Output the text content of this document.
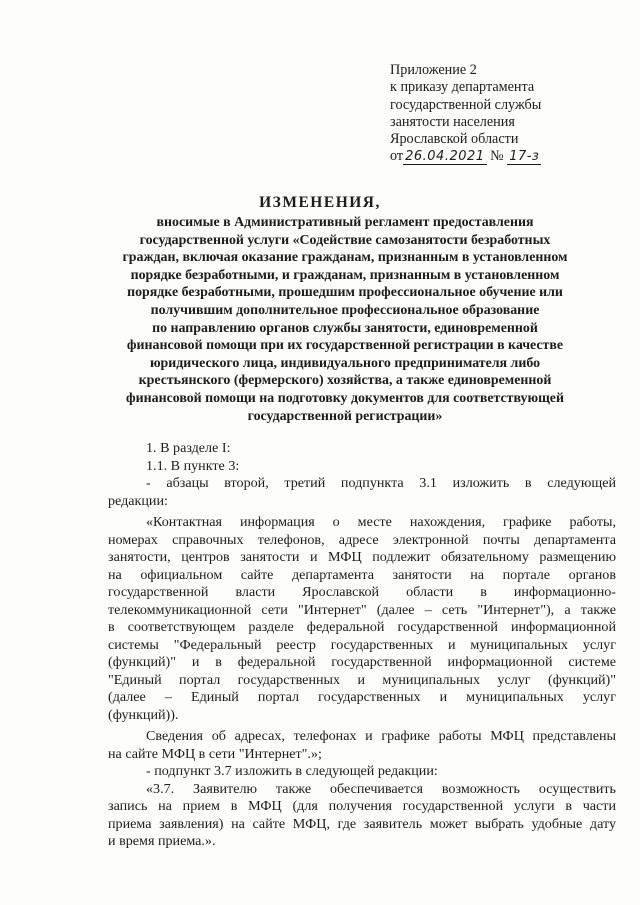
Приложение 2
к приказу департамента
государственной службы
занятости населения
Ярославской области
от 26.04.2021 № 17-з
ИЗМЕНЕНИЯ,
вносимые в Административный регламент предоставления
государственной услуги «Содействие самозанятости безработных
граждан, включая оказание гражданам, признанным в установленном
порядке безработными, и гражданам, признанным в установленном
порядке безработными, прошедшим профессиональное обучение или
получившим дополнительное профессиональное образование
по направлению органов службы занятости, единовременной
финансовой помощи при их государственной регистрации в качестве
юридического лица, индивидуального предпринимателя либо
крестьянского (фермерского) хозяйства, а также единовременной
финансовой помощи на подготовку документов для соответствующей
государственной регистрации»
1. В разделе I:
1.1. В пункте 3:
- абзацы второй, третий подпункта 3.1 изложить в следующей
редакции:
«Контактная информация о месте нахождения, графике работы,
номерах справочных телефонов, адресе электронной почты департамента
занятости, центров занятости и МФЦ подлежит обязательному размещению
на официальном сайте департамента занятости на портале органов
государственной власти Ярославской области в информационно-
телекоммуникационной сети "Интернет" (далее – сеть "Интернет"), а также
в соответствующем разделе федеральной государственной информационной
системы "Федеральный реестр государственных и муниципальных услуг
(функций)" и в федеральной государственной информационной системе
"Единый портал государственных и муниципальных услуг (функций)"
(далее – Единый портал государственных и муниципальных услуг
(функций)).
Сведения об адресах, телефонах и графике работы МФЦ представлены
на сайте МФЦ в сети "Интернет".»;
- подпункт 3.7 изложить в следующей редакции:
«3.7. Заявителю также обеспечивается возможность осуществить
запись на прием в МФЦ (для получения государственной услуги в части
приема заявления) на сайте МФЦ, где заявитель может выбрать удобные дату
и время приема.».
